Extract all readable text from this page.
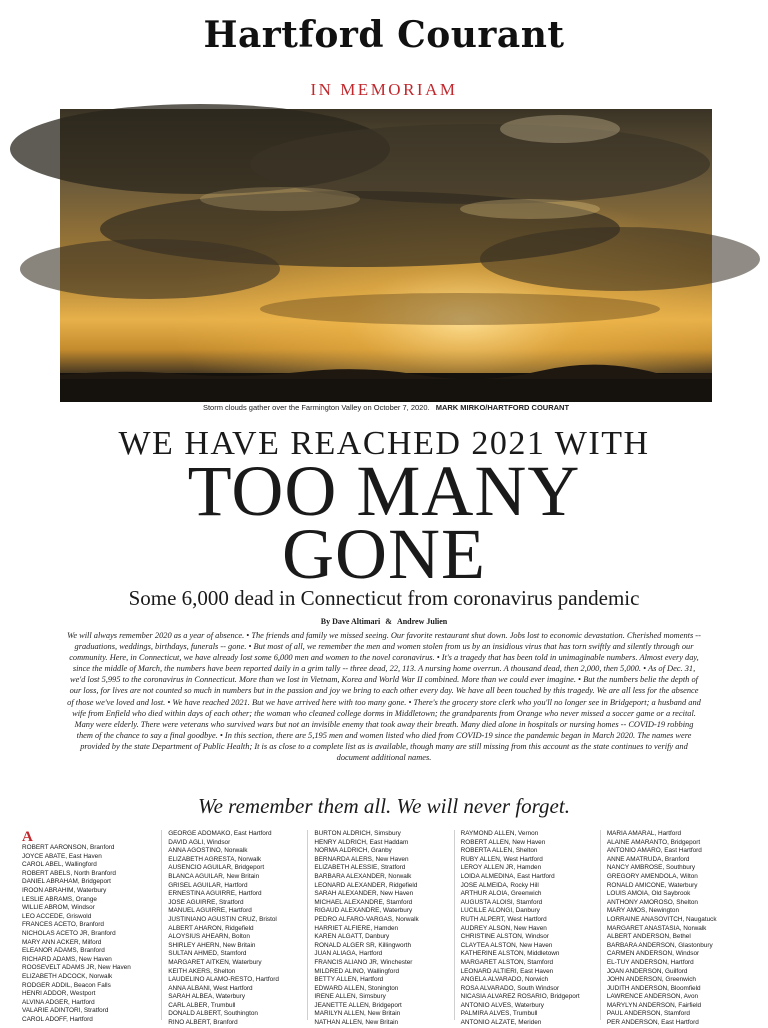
Hartford Courant
IN MEMORIAM
Storm clouds gather over the Farmington Valley on October 7, 2020. MARK MIRKO/HARTFORD COURANT
WE HAVE REACHED 2021 WITH
TOO MANY
GONE
Some 6,000 dead in Connecticut from coronavirus pandemic
By Dave Altimari & Andrew Julien
We will always remember 2020 as a year of absence. • The friends and family we missed seeing. Our favorite restaurant shut down. Jobs lost to economic devastation. Cherished moments -- graduations, weddings, birthdays, funerals -- gone. • But most of all, we remember the men and women stolen from us by an insidious virus that has torn swiftly and silently through our community. Here, in Connecticut, we have already lost some 6,000 men and women to the novel coronavirus. • It's a tragedy that has been told in unimaginable numbers. Almost every day, since the middle of March, the numbers have been reported daily in a grim tally -- three dead, 22, 113. A nursing home overrun. A thousand dead, then 2,000, then 5,000. • As of Dec. 31, we'd lost 5,995 to the coronavirus in Connecticut. More than we lost in Vietnam, Korea and World War II combined. More than we could ever imagine. • But the numbers belie the depth of our loss, for lives are not counted so much in numbers but in the passion and joy we bring to each other every day. We have all been touched by this tragedy. We are all less for the absence of those we've loved and lost. • We have reached 2021. But we have arrived here with too many gone. • There's the grocery store clerk who you'll no longer see in Bridgeport; a husband and wife from Enfield who died within days of each other; the woman who cleaned college dorms in Middletown; the grandparents from Orange who never missed a soccer game or a recital. Many were elderly. There were veterans who survived wars but not an invisible enemy that took away their breath. Many died alone in hospitals or nursing homes -- COVID-19 robbing them of the chance to say a final goodbye. • In this section, there are 5,195 men and women listed who died from COVID-19 since the pandemic began in March 2020. The names were provided by the state Department of Public Health; It is as close to a complete list as is available, though many are still missing from this account as the state continues to verify and document additional names.
We remember them all. We will never forget.
A
ROBERT AARONSON, Branford
JOYCE ABATE, East Haven
CAROL ABEL, Wallingford
ROBERT ABELS, North Branford
DANIEL ABRAHAM, Bridgeport
IROON ABRAHIM, Waterbury
LESLIE ABRAMS, Orange
WILLIE ABROM, Windsor
LEO ACCEDE, Griswold
FRANCES ACETO, Branford
NICHOLAS ACETO JR, Branford
MARY ANN ACKER, Milford
ELEANOR ADAMS, Branford
RICHARD ADAMS, New Haven
ROOSEVELT ADAMS JR, New Haven
ELIZABETH ADCOCK, Norwalk
RODGER ADDIL, Beacon Falls
HENRI ADDOR, Westport
ALVINA ADGER, Hartford
VALARIE ADINTORI, Stratford
CAROL ADOFF, Hartford
GEORGE ADOMAKO, East Hartford
DAVID AGLI, Windsor
ANNA AGOSTINO, Norwalk
ELIZABETH AGRESTA, Norwalk
AUSENCIO AGUILAR, Bridgeport
BLANCA AGUILAR, New Britain
GRISEL AGUILAR, Hartford
ERNESTINA AGUIRRE, Hartford
JOSE AGUIRRE, Stratford
MANUEL AGUIRRE, Hartford
JUSTINIANO AGUSTIN CRUZ, Bristol
ALBERT AHARON, Ridgefield
ALOYSIUS AHEARN, Bolton
SHIRLEY AHERN, New Britain
SULTAN AHMED, Stamford
MARGARET AITKEN, Waterbury
KEITH AKERS, Shelton
LAUDELINO ALAMO-RESTO, Hartford
ANNA ALBANI, West Hartford
SARAH ALBEA, Waterbury
CARL ALBER, Trumbull
DONALD ALBERT, Southington
RINO ALBERT, Branford
BURTON ALDRICH, Simsbury
HENRY ALDRICH, East Haddam
NORMA ALDRICH, Granby
BERNARDA ALERS, New Haven
ELIZABETH ALESSIE, Stratford
BARBARA ALEXANDER, Norwalk
LEONARD ALEXANDER, Ridgefield
SARAH ALEXANDER, New Haven
MICHAEL ALEXANDRE, Stamford
RIGAUD ALEXANDRE, Waterbury
PEDRO ALFARO-VARGAS, Norwalk
HARRIET ALFIERE, Hamden
KAREN ALGATT, Danbury
RONALD ALGER SR, Killingworth
JUAN ALIAGA, Hartford
FRANCIS ALIANO JR, Winchester
MILDRED ALINO, Wallingford
BETTY ALLEN, Hartford
EDWARD ALLEN, Stonington
IRENE ALLEN, Simsbury
JEANETTE ALLEN, Bridgeport
MARILYN ALLEN, New Britain
NATHAN ALLEN, New Britain
RAYMOND ALLEN, Vernon
ROBERT ALLEN, New Haven
ROBERTA ALLEN, Shelton
RUBY ALLEN, West Hartford
LEROY ALLEN JR, Hamden
LOIDA ALMEDINA, East Hartford
JOSE ALMEIDA, Rocky Hill
ARTHUR ALOIA, Greenwich
AUGUSTA ALOISI, Stamford
LUCILLE ALONGI, Danbury
RUTH ALPERT, West Hartford
AUDREY ALSON, New Haven
CHRISTINE ALSTON, Windsor
CLAYTEA ALSTON, New Haven
KATHERINE ALSTON, Middletown
MARGARET ALSTON, Stamford
LEONARD ALTIERI, East Haven
ANGELA ALVARADO, Norwich
ROSA ALVARADO, South Windsor
NICASIA ALVAREZ ROSARIO, Bridgeport
ANTONIO ALVES, Waterbury
PALMIRA ALVES, Trumbull
ANTONIO ALZATE, Meriden
MARIA AMARAL, Hartford
ALAINE AMARANTO, Bridgeport
ANTONIO AMARO, East Hartford
ANNE AMATRUDA, Branford
NANCY AMBROSE, Southbury
GREGORY AMENDOLA, Wilton
RONALD AMICONE, Waterbury
LOUIS AMOIA, Old Saybrook
ANTHONY AMOROSO, Shelton
MARY AMOS, Newington
LORRAINE ANASOVITCH, Naugatuck
MARGARET ANASTASIA, Norwalk
ALBERT ANDERSON, Bethel
BARBARA ANDERSON, Glastonbury
CARMEN ANDERSON, Windsor
EL-TUY ANDERSON, Hartford
JOAN ANDERSON, Guilford
JOHN ANDERSON, Greenwich
JUDITH ANDERSON, Bloomfield
LAWRENCE ANDERSON, Avon
MARYLYN ANDERSON, Fairfield
PAUL ANDERSON, Stamford
PER ANDERSON, East Hartford
